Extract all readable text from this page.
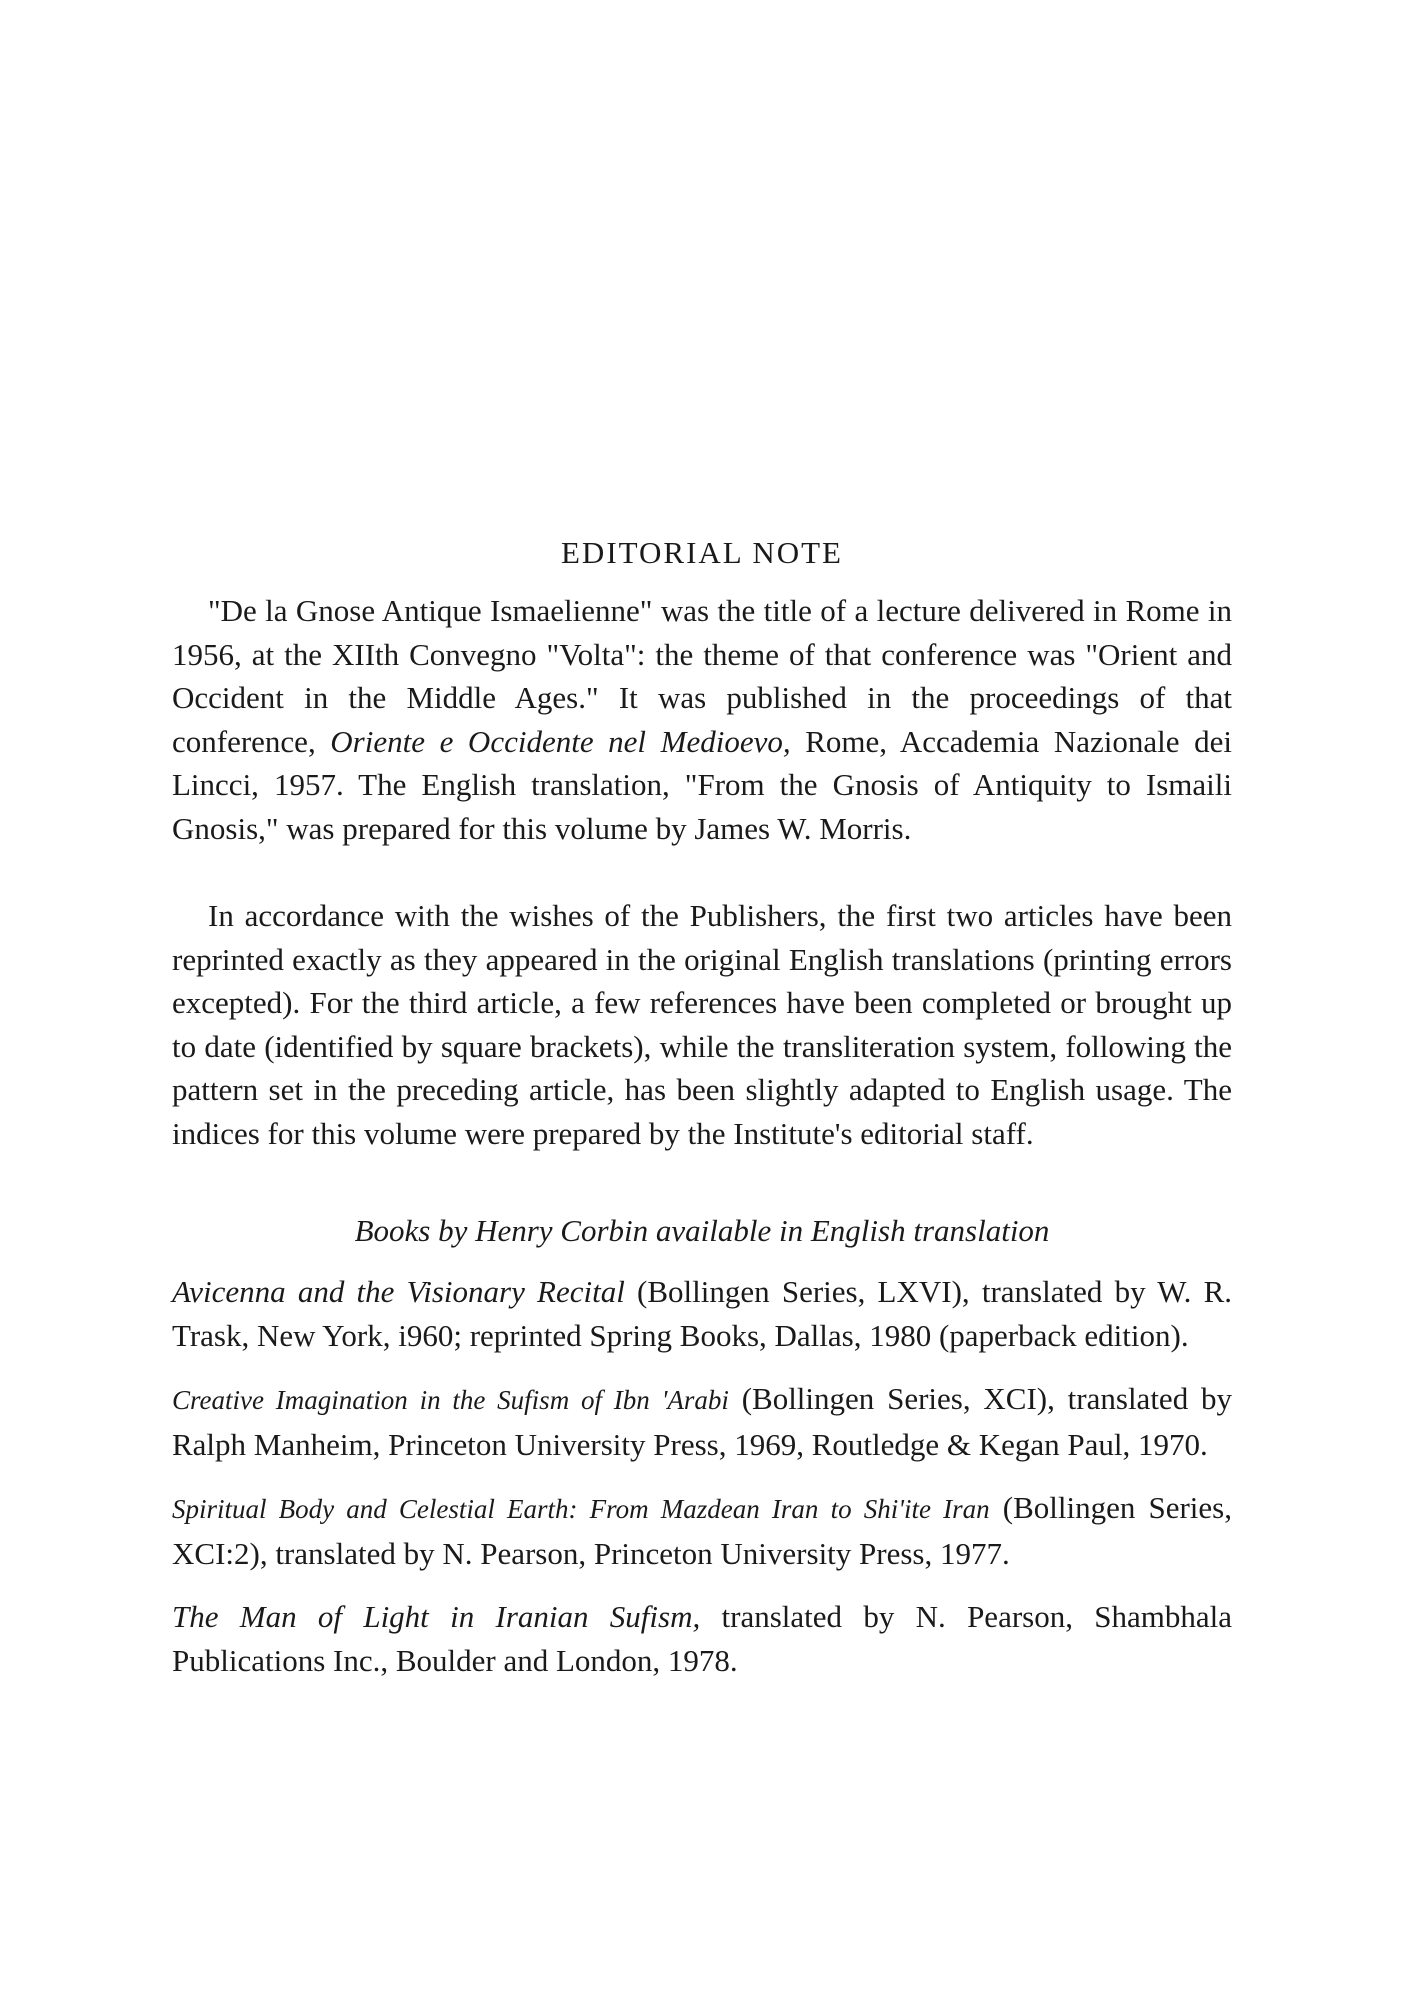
EDITORIAL NOTE

"De la Gnose Antique Ismaelienne" was the title of a lecture delivered in Rome in 1956, at the XIIth Convegno "Volta": the theme of that conference was "Orient and Occident in the Middle Ages." It was published in the proceedings of that conference, Oriente e Occidente nel Medioevo, Rome, Accademia Nazionale dei Lincci, 1957. The English translation, "From the Gnosis of Antiquity to Ismaili Gnosis," was prepared for this volume by James W. Morris.

In accordance with the wishes of the Publishers, the first two articles have been reprinted exactly as they appeared in the original English translations (printing errors excepted). For the third article, a few references have been completed or brought up to date (identified by square brackets), while the transliteration system, following the pattern set in the preceding article, has been slightly adapted to English usage. The indices for this volume were prepared by the Institute's editorial staff.

Books by Henry Corbin available in English translation

Avicenna and the Visionary Recital (Bollingen Series, LXVI), translated by W. R. Trask, New York, i960; reprinted Spring Books, Dallas, 1980 (paperback edition).

Creative Imagination in the Sufism of Ibn 'Arabi (Bollingen Series, XCI), translated by Ralph Manheim, Princeton University Press, 1969, Routledge & Kegan Paul, 1970.

Spiritual Body and Celestial Earth: From Mazdean Iran to Shi'ite Iran (Bollingen Series, XCI:2), translated by N. Pearson, Princeton University Press, 1977.

The Man of Light in Iranian Sufism, translated by N. Pearson, Shambhala Publications Inc., Boulder and London, 1978.
